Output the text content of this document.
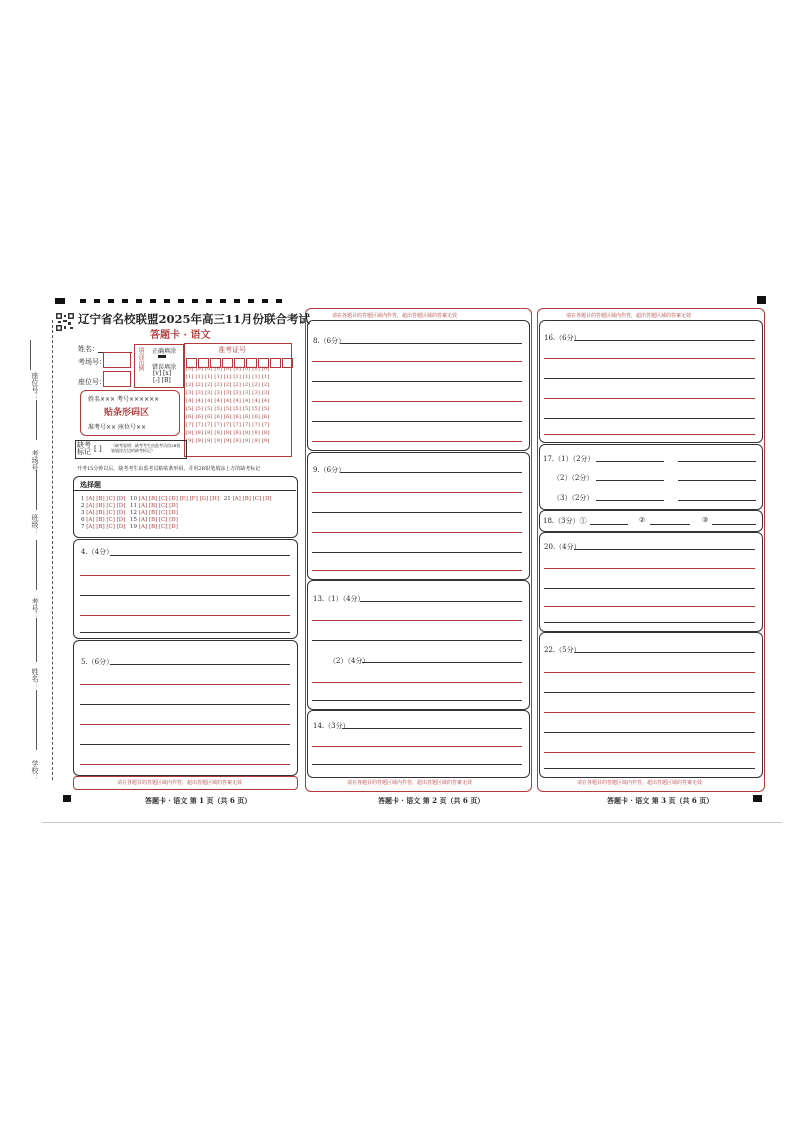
座位号：
考场号：
班级：
考号：
姓名：
学校：
辽宁省名校联盟2025年高三11月份联合考试
答题卡 · 语文
姓名：
考场号：
座位号：
填涂范例 正确填涂
错误填涂
[v] [x]
[-] [B]
准考证号
[0] [0] [0] [0] [0] [0] [0] [0] [0]
[1] [1] [1] [1] [1] [1] [1] [1] [1]
[2] [2] [2] [2] [2] [2] [2] [2] [2]
[3] [3] [3] [3] [3] [3] [3] [3] [3]
[4] [4] [4] [4] [4] [4] [4] [4] [4]
[5] [5] [5] [5] [5] [5] [5] [5] [5]
[6] [6] [6] [6] [6] [6] [6] [6] [6]
[7] [7] [7] [7] [7] [7] [7] [7] [7]
[8] [8] [8] [8] [8] [8] [8] [8] [8]
[9] [9] [9] [9] [9] [9] [9] [9] [9]
姓名××× 考号××××××
贴条形码区
准考号×× 座位号××
缺考标记 [ ] （缺考说明：缺考考生由监考员用2B铅笔填涂左边的缺考标记）
开考15分钟以后，缺考考生由监考员粘贴条形码，并用2B铅笔填涂上方的缺考标记
选择题
1 [A] [B] [C] [D] 10 [A] [B] [C] [D] [E] [F] [G] [H] 21 [A] [B] [C] [D]
2 [A] [B] [C] [D] 11 [A] [B] [C] [D]
3 [A] [B] [C] [D] 12 [A] [B] [C] [D]
6 [A] [B] [C] [D] 15 [A] [B] [C] [D]
7 [A] [B] [C] [D] 19 [A] [B] [C] [D]
4.（4分）
5.（6分）
请在各题目的答题区域内作答，超出答题区域的答案无效
答题卡 · 语文 第 1 页（共 6 页）
请在各题目的答题区域内作答，超出答题区域的答案无效
8.（6分）
9.（6分）
13.（1）（4分）
（2）（4分）
14.（3分）
请在各题目的答题区域内作答，超出答题区域的答案无效
答题卡 · 语文 第 2 页（共 6 页）
请在各题目的答题区域内作答，超出答题区域的答案无效
16.（6分）
17.（1）（2分）
（2）（2分）
（3）（2分）
18.（3分）①	②	③
20.（4分）
22.（5分）
请在各题目的答题区域内作答，超出答题区域的答案无效
答题卡 · 语文 第 3 页（共 6 页）
